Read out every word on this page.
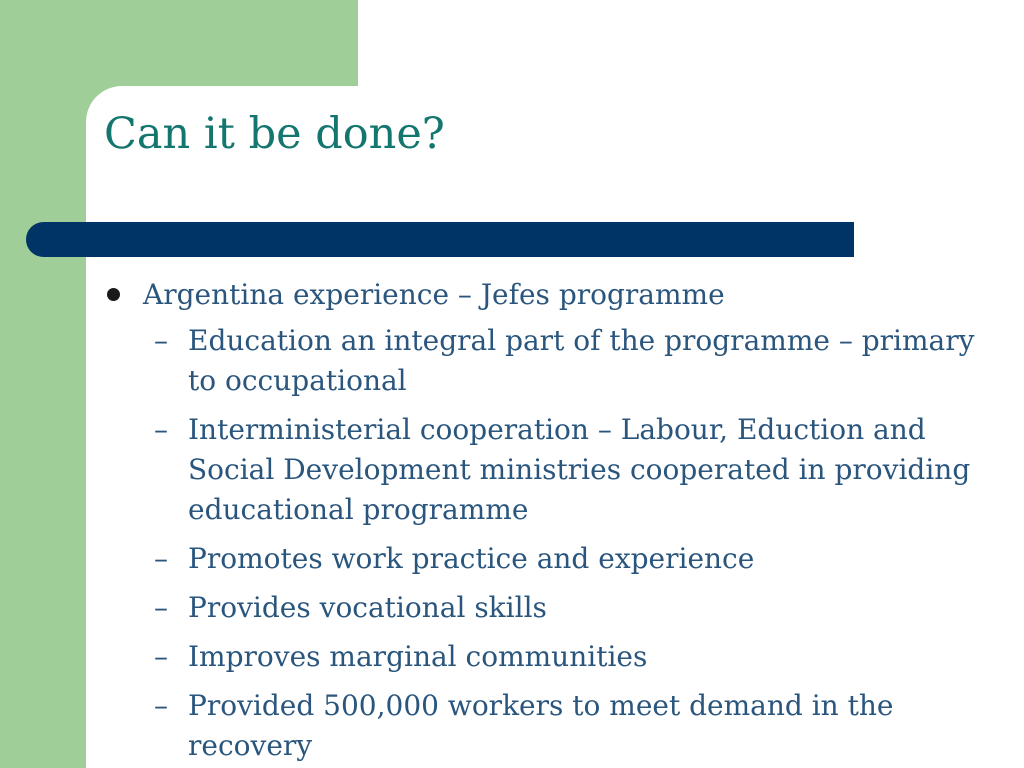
Can it be done?
Argentina experience – Jefes programme
– Education an integral part of the programme – primary to occupational
– Interministerial cooperation – Labour, Eduction and Social Development ministries cooperated in providing educational programme
– Promotes work practice and experience
– Provides vocational skills
– Improves marginal communities
– Provided 500,000 workers to meet demand in the recovery
